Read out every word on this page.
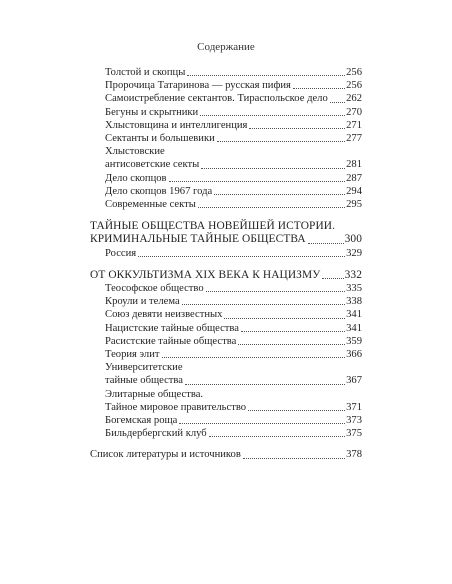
Содержание
Толстой и скопцы	256
Пророчица Татаринова — русская пифия	256
Самоистребление сектантов. Тираспольское дело 262
Бегуны и скрытники	270
Хлыстовщина и интеллигенция	271
Сектанты и большевики	277
Хлыстовские
антисоветские секты	281
Дело скопцов	287
Дело скопцов 1967 года	294
Современные секты	295
ТАЙНЫЕ ОБЩЕСТВА НОВЕЙШЕЙ ИСТОРИИ.
КРИМИНАЛЬНЫЕ ТАЙНЫЕ ОБЩЕСТВА	300
Россия	329
ОТ ОККУЛЬТИЗМА XIX ВЕКА К НАЦИЗМУ 332
Теософское общество	335
Кроули и телема	338
Союз девяти неизвестных	341
Нацистские тайные общества	341
Расистские тайные общества	359
Теория элит	366
Университетские
тайные общества	367
Элитарные общества.
Тайное мировое правительство	371
Богемская роща	373
Бильдербергский клуб	375
Список литературы и источников	378
